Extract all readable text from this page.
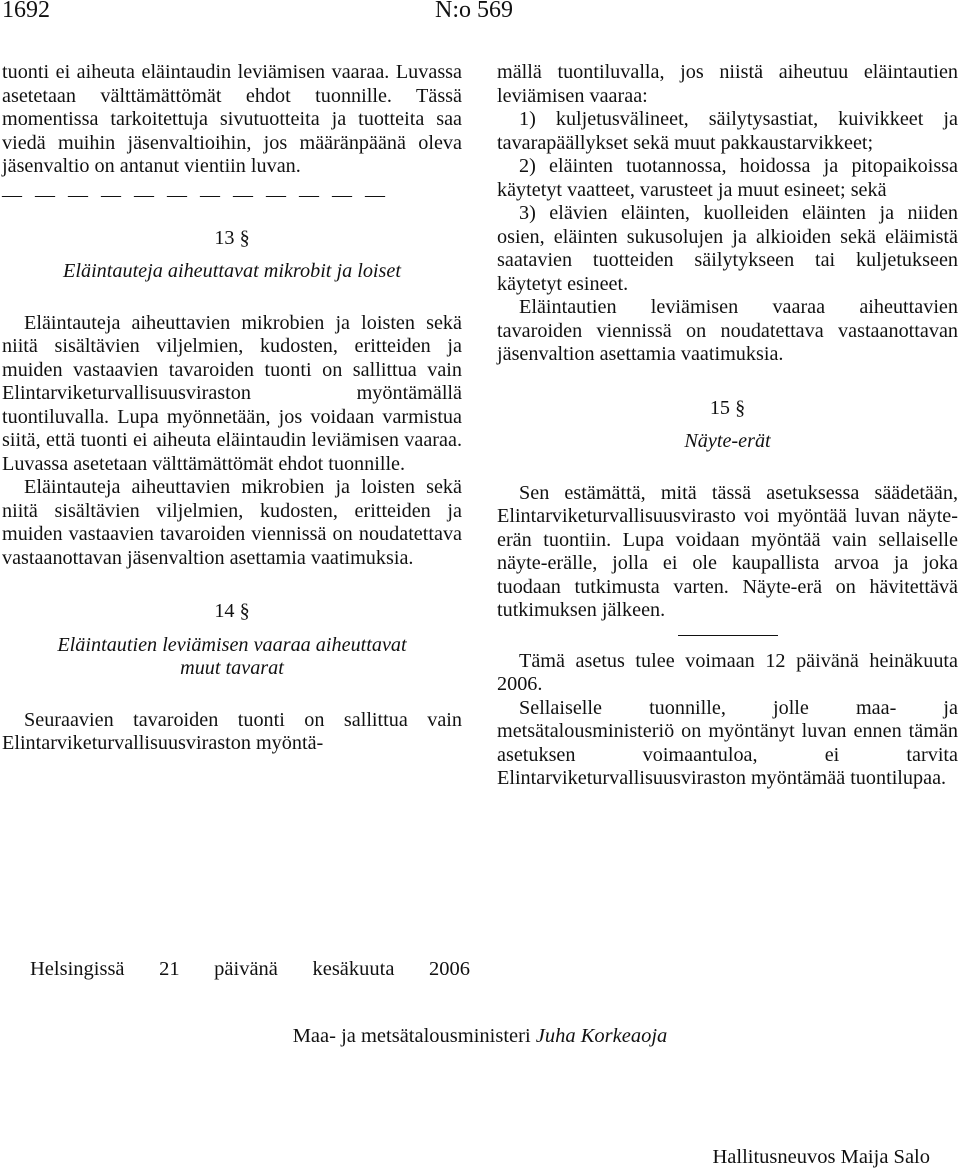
1692	N:o 569

tuonti ei aiheuta eläintaudin leviämisen vaaraa. Luvassa asetetaan välttämättömät ehdot tuonnille. Tässä momentissa tarkoitettuja sivutuotteita ja tuotteita saa viedä muihin jäsenvaltioihin, jos määränpäänä oleva jäsenvaltio on antanut vientiin luvan.

— — — — — — — — — — — —
13 §
Eläintauteja aiheuttavat mikrobit ja loiset

Eläintauteja aiheuttavien mikrobien ja loisten sekä niitä sisältävien viljelmien, kudosten, eritteiden ja muiden vastaavien tavaroiden tuonti on sallittua vain Elintarviketurvallisuusviraston myöntämällä tuontiluvalla. Lupa myönnetään, jos voidaan varmistua siitä, että tuonti ei aiheuta eläintaudin leviämisen vaaraa. Luvassa asetetaan välttämättömät ehdot tuonnille.

Eläintauteja aiheuttavien mikrobien ja loisten sekä niitä sisältävien viljelmien, kudosten, eritteiden ja muiden vastaavien tavaroiden viennissä on noudatettava vastaanottavan jäsenvaltion asettamia vaatimuksia.

14 §
Eläintautien leviämisen vaaraa aiheuttavat
muut tavarat

Seuraavien tavaroiden tuonti on sallittua vain Elintarviketurvallisuusviraston myöntä-

mällä tuontiluvalla, jos niistä aiheutuu eläintautien leviämisen vaaraa:

1) kuljetusvälineet, säilytysastiat, kuivikkeet ja tavarapäällykset sekä muut pakkaustarvikkeet;

2) eläinten tuotannossa, hoidossa ja pitopaikoissa käytetyt vaatteet, varusteet ja muut esineet; sekä

3) elävien eläinten, kuolleiden eläinten ja niiden osien, eläinten sukusolujen ja alkioiden sekä eläimistä saatavien tuotteiden säilytykseen tai kuljetukseen käytetyt esineet.

Eläintautien leviämisen vaaraa aiheuttavien tavaroiden viennissä on noudatettava vastaanottavan jäsenvaltion asettamia vaatimuksia.

15 §
Näyte-erät

Sen estämättä, mitä tässä asetuksessa säädetään, Elintarviketurvallisuusvirasto voi myöntää luvan näyte-erän tuontiin. Lupa voidaan myöntää vain sellaiselle näyte-erälle, jolla ei ole kaupallista arvoa ja joka tuodaan tutkimusta varten. Näyte-erä on hävitettävä tutkimuksen jälkeen.

Tämä asetus tulee voimaan 12 päivänä heinäkuuta 2006.

Sellaiselle tuonnille, jolle maa- ja metsätalousministeriö on myöntänyt luvan ennen tämän asetuksen voimaantuloa, ei tarvita Elintarviketurvallisuusviraston myöntämää tuontilupaa.

Helsingissä 21 päivänä kesäkuuta 2006
Maa- ja metsätalousministeri Juha Korkeaoja
Hallitusneuvos Maija Salo
